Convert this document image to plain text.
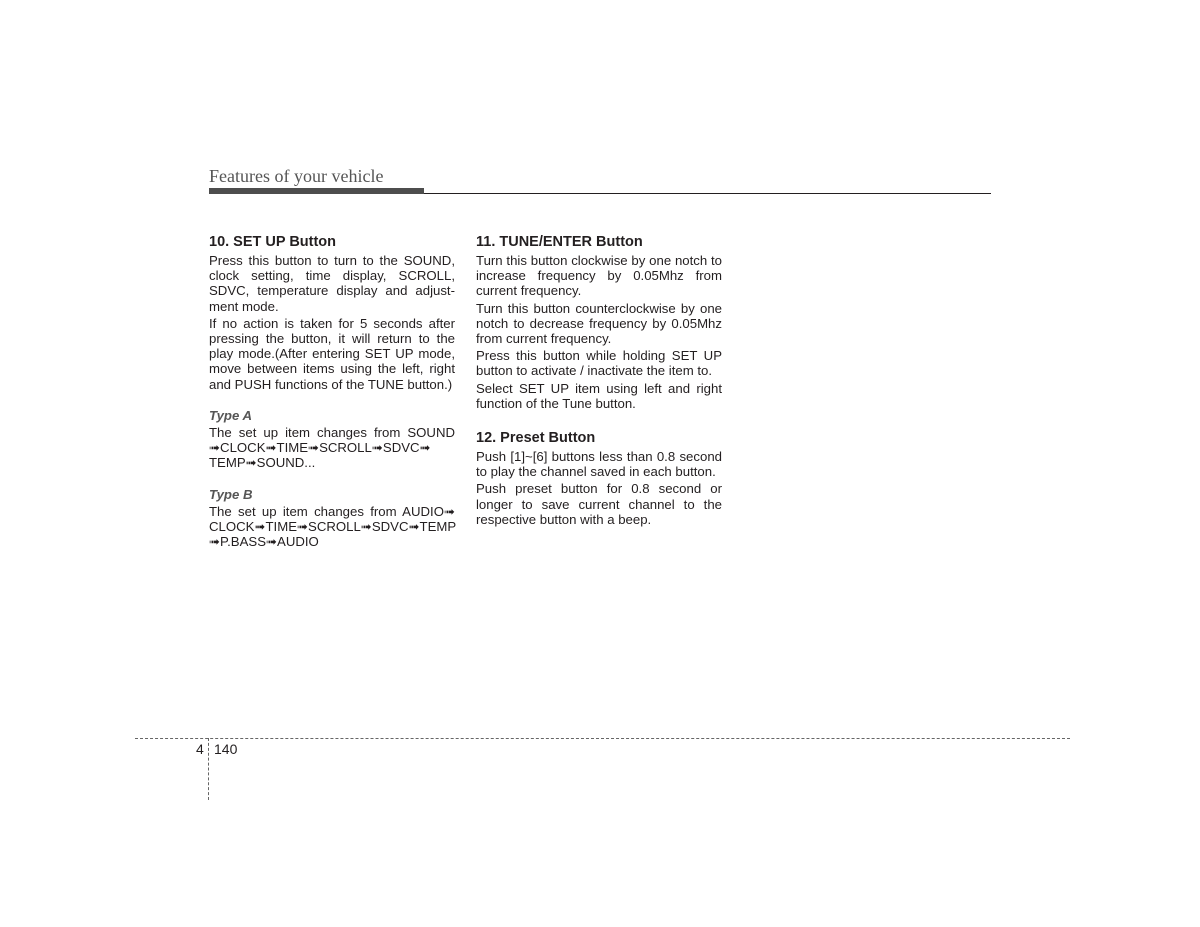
Features of your vehicle
10. SET UP Button
Press this button to turn to the SOUND, clock setting, time display, SCROLL, SDVC, temperature display and adjust-ment mode.
If no action is taken for 5 seconds after pressing the button, it will return to the play mode.(After entering SET UP mode, move between items using the left, right and PUSH functions of the TUNE button.)
Type A
The set up item changes from SOUND ➟CLOCK➟TIME➟SCROLL➟SDVC➟ TEMP➟SOUND...
Type B
The set up item changes from AUDIO➟ CLOCK➟TIME➟SCROLL➟SDVC➟TEMP ➟P.BASS➟AUDIO
11. TUNE/ENTER Button
Turn this button clockwise by one notch to increase frequency by 0.05Mhz from current frequency.
Turn this button counterclockwise by one notch to decrease frequency by 0.05Mhz from current frequency.
Press this button while holding SET UP button to activate / inactivate the item to.
Select SET UP item using left and right function of the Tune button.
12. Preset Button
Push [1]~[6] buttons less than 0.8 second to play the channel saved in each button.
Push preset button for 0.8 second or longer to save current channel to the respective button with a beep.
4 140
